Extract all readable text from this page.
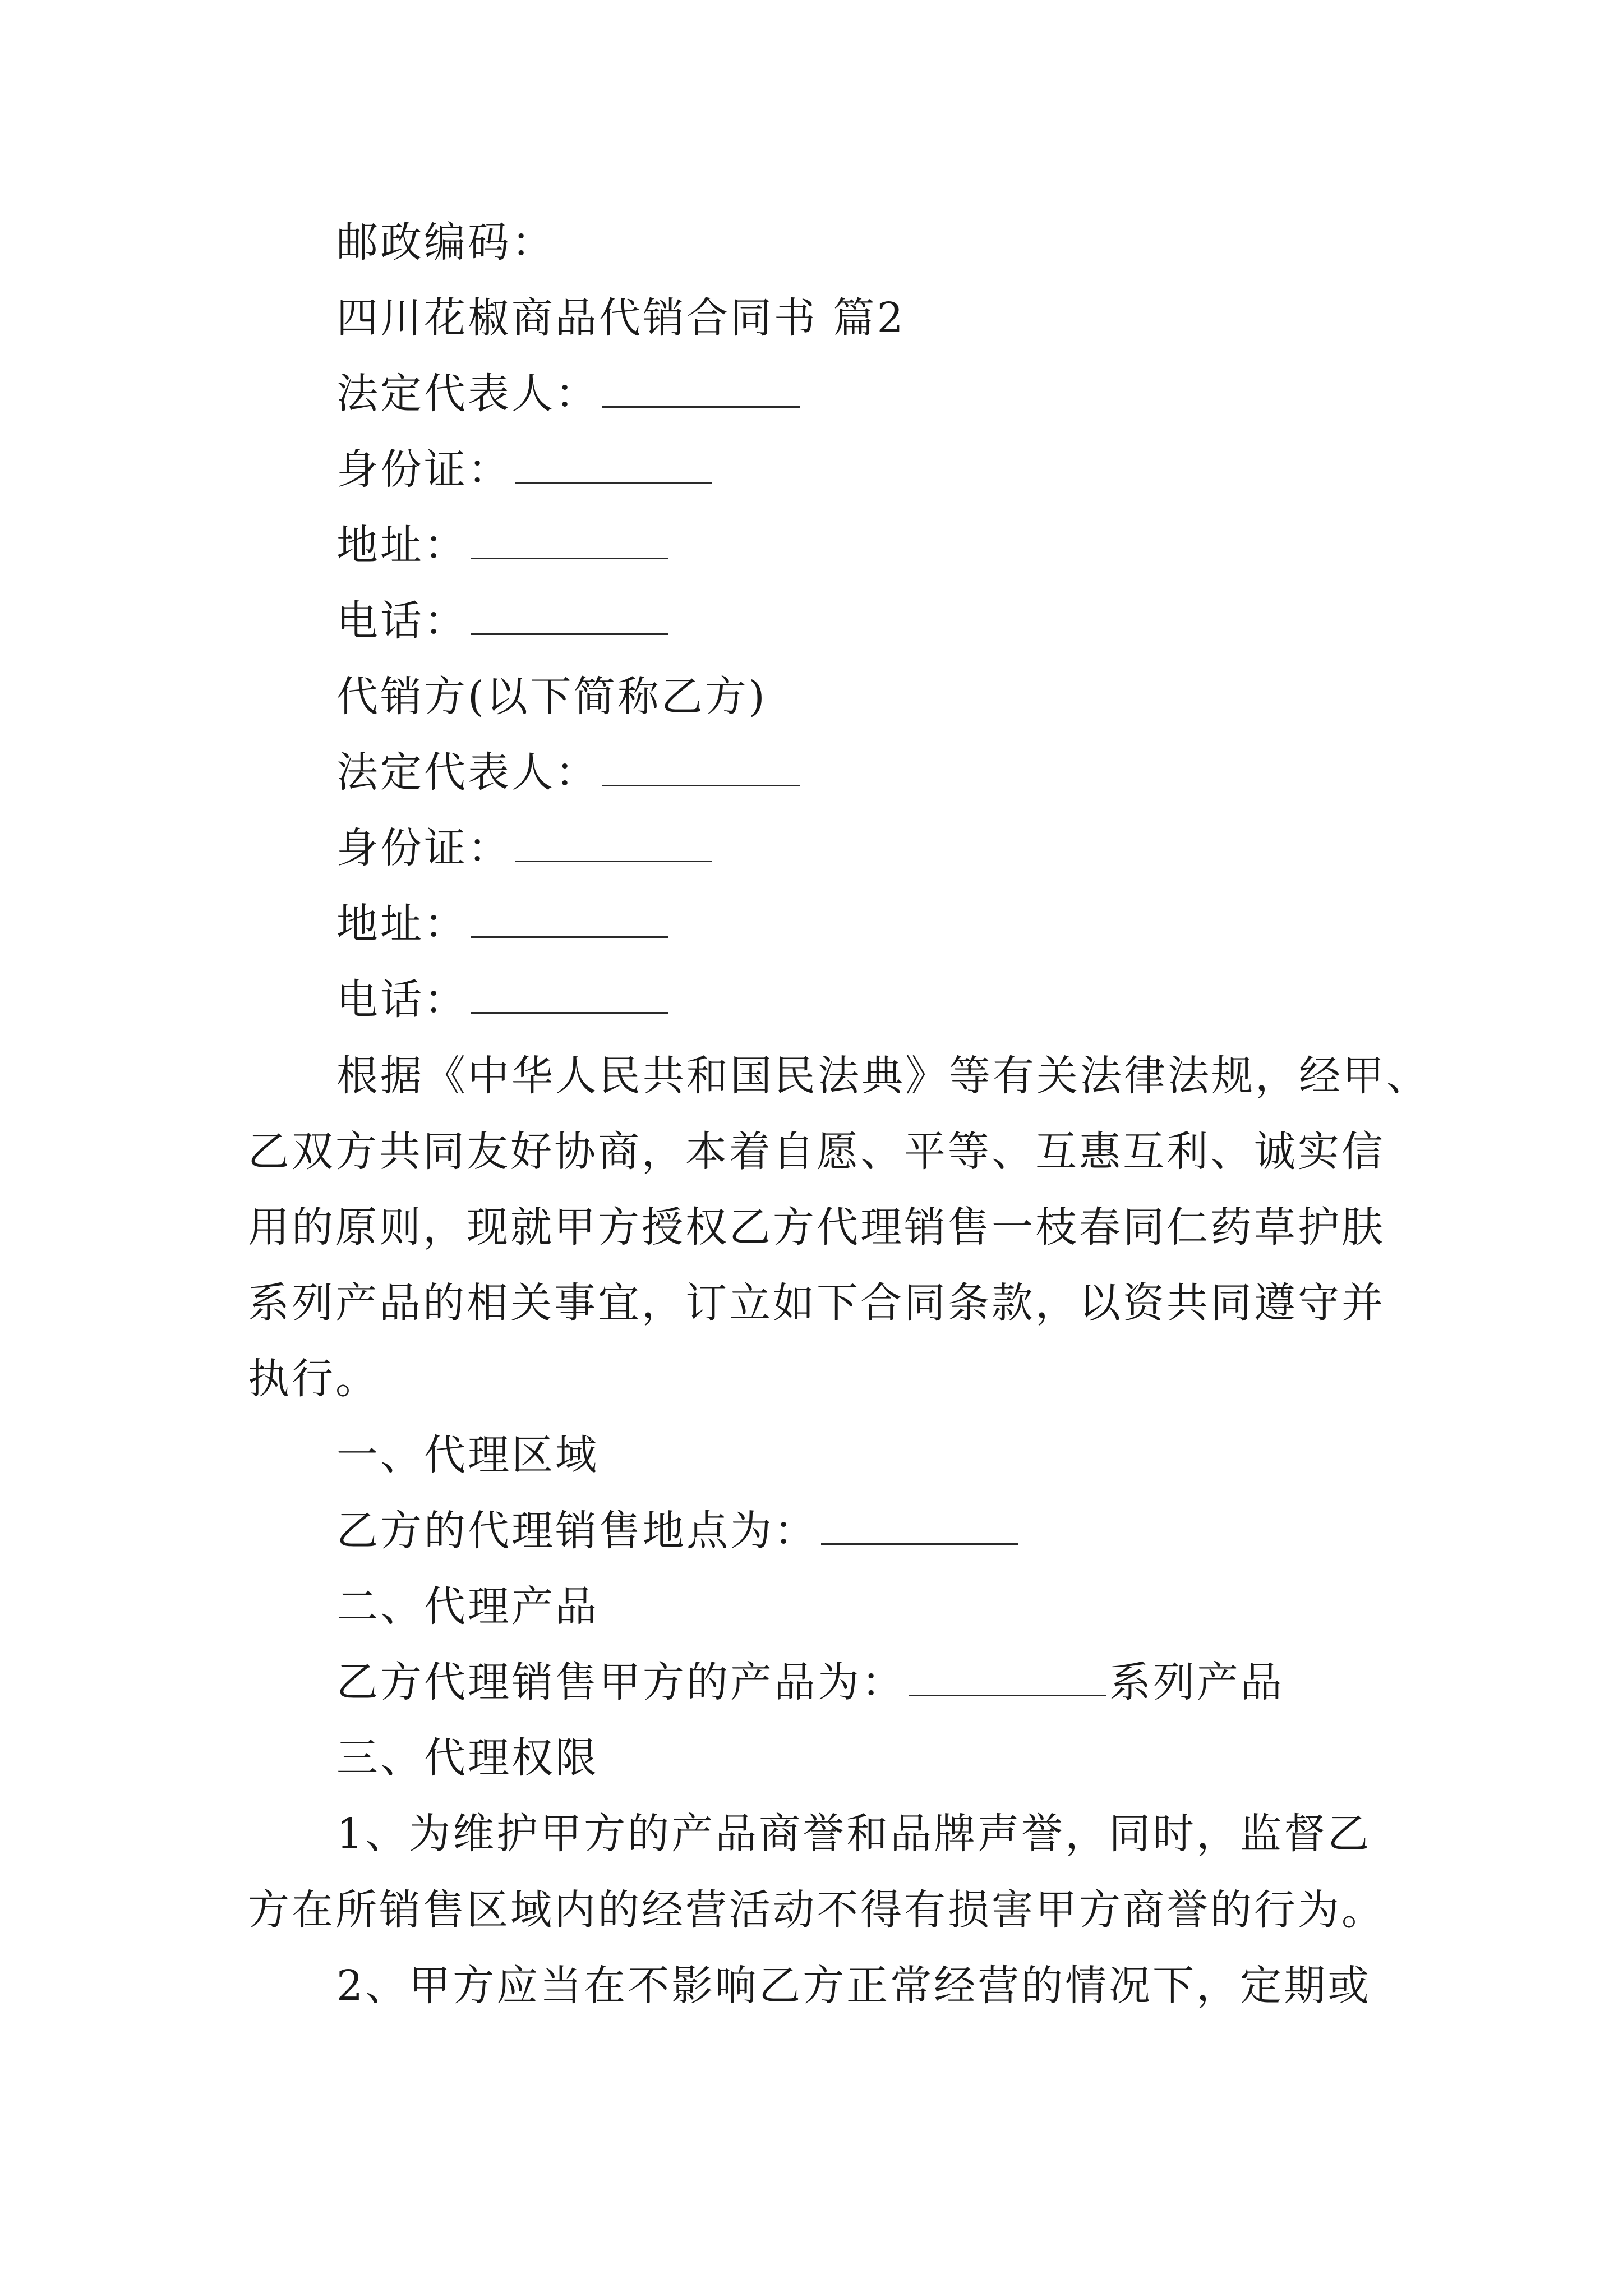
邮政编码：
四川花椒商品代销合同书 篇2
法定代表人：
身份证：
地址：
电话：
代销方(以下简称乙方)
法定代表人：
身份证：
地址：
电话：
根据《中华人民共和国民法典》等有关法律法规，经甲、
乙双方共同友好协商，本着自愿、平等、互惠互利、诚实信
用的原则，现就甲方授权乙方代理销售一枝春同仁药草护肤
系列产品的相关事宜，订立如下合同条款，以资共同遵守并
执行。
一、代理区域
乙方的代理销售地点为：
二、代理产品
乙方代理销售甲方的产品为：	系列产品
三、代理权限
1、为维护甲方的产品商誉和品牌声誉，同时，监督乙
方在所销售区域内的经营活动不得有损害甲方商誉的行为。
2、甲方应当在不影响乙方正常经营的情况下，定期或
